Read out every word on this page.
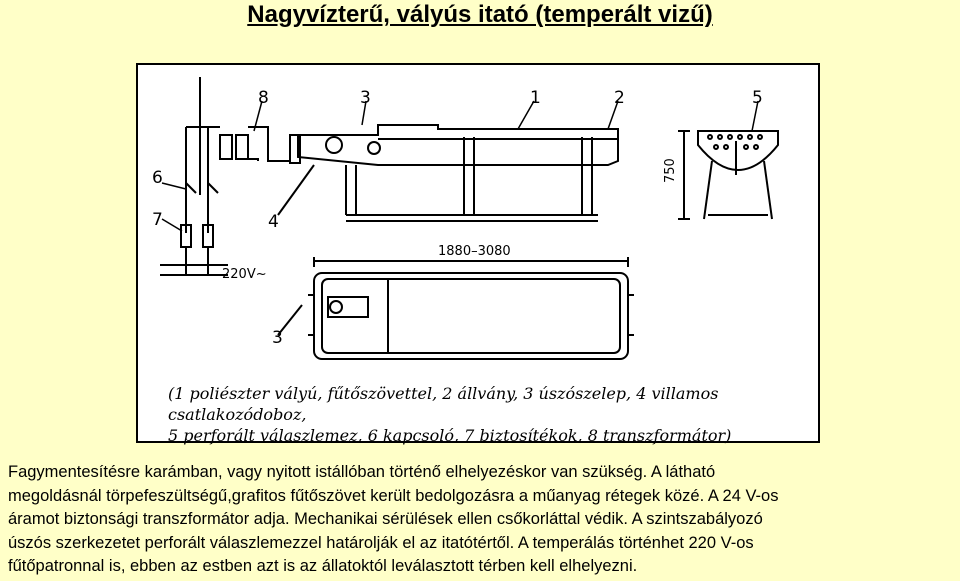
Nagyvízterű, vályús itató (temperált vizű)
8	3	1	2	5
6
7	4
3
1880–3080
750
220V~
(1 poliészter vályú, fűtőszövettel, 2 állvány, 3 úszószelep, 4 villamos csatlakozódoboz,
5 perforált válaszlemez, 6 kapcsoló, 7 biztosítékok, 8 transzformátor)
Fagymentesítésre karámban, vagy nyitott istállóban történő elhelyezéskor van szükség. A látható
megoldásnál törpefeszültségű,grafitos fűtőszövet került bedolgozásra a műanyag rétegek közé. A 24 V-os
áramot biztonsági transzformátor adja. Mechanikai sérülések ellen csőkorláttal védik. A szintszabályozó
úszós szerkezetet perforált válaszlemezzel határolják el az itatótértől. A temperálás történhet 220 V-os
fűtőpatronnal is, ebben az estben azt is az állatoktól leválasztott térben kell elhelyezni.
